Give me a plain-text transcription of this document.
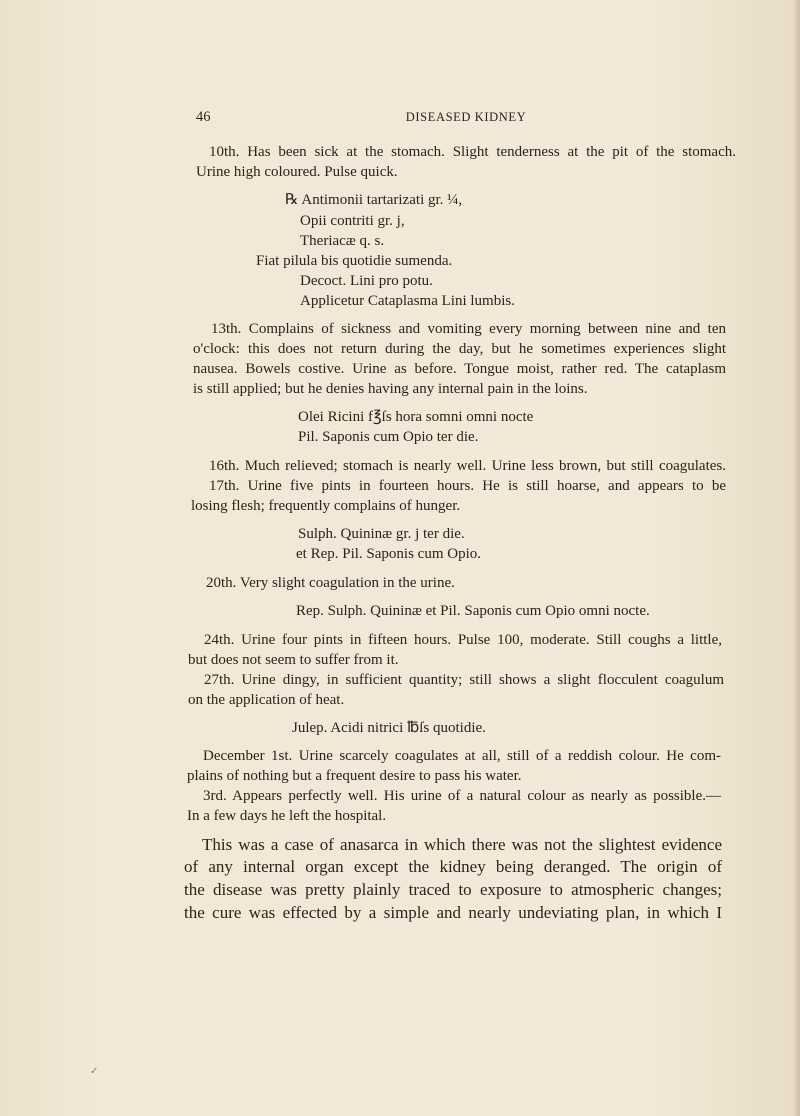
46	DISEASED KIDNEY
10th. Has been sick at the stomach. Slight tenderness at the pit of the stomach.
Urine high coloured. Pulse quick.
℞ Antimonii tartarizati gr. ¼,
Opii contriti gr. j,
Theriacæ q. s.
Fiat pilula bis quotidie sumenda.
Decoct. Lini pro potu.
Applicetur Cataplasma Lini lumbis.
13th. Complains of sickness and vomiting every morning between nine and ten
o'clock: this does not return during the day, but he sometimes experiences slight
nausea. Bowels costive. Urine as before. Tongue moist, rather red. The cataplasm
is still applied; but he denies having any internal pain in the loins.
Olei Ricini f℥ſs hora somni omni nocte
Pil. Saponis cum Opio ter die.
16th. Much relieved; stomach is nearly well. Urine less brown, but still coagulates.
17th. Urine five pints in fourteen hours. He is still hoarse, and appears to be
losing flesh; frequently complains of hunger.
Sulph. Quininæ gr. j ter die.
et Rep. Pil. Saponis cum Opio.
20th. Very slight coagulation in the urine.
Rep. Sulph. Quininæ et Pil. Saponis cum Opio omni nocte.
24th. Urine four pints in fifteen hours. Pulse 100, moderate. Still coughs a little,
but does not seem to suffer from it.
27th. Urine dingy, in sufficient quantity; still shows a slight flocculent coagulum
on the application of heat.
Julep. Acidi nitrici ℔ſs quotidie.
December 1st. Urine scarcely coagulates at all, still of a reddish colour. He com-
plains of nothing but a frequent desire to pass his water.
3rd. Appears perfectly well. His urine of a natural colour as nearly as possible.—
In a few days he left the hospital.
This was a case of anasarca in which there was not the slightest evidence
of any internal organ except the kidney being deranged. The origin of
the disease was pretty plainly traced to exposure to atmospheric changes;
the cure was effected by a simple and nearly undeviating plan, in which I
✓
